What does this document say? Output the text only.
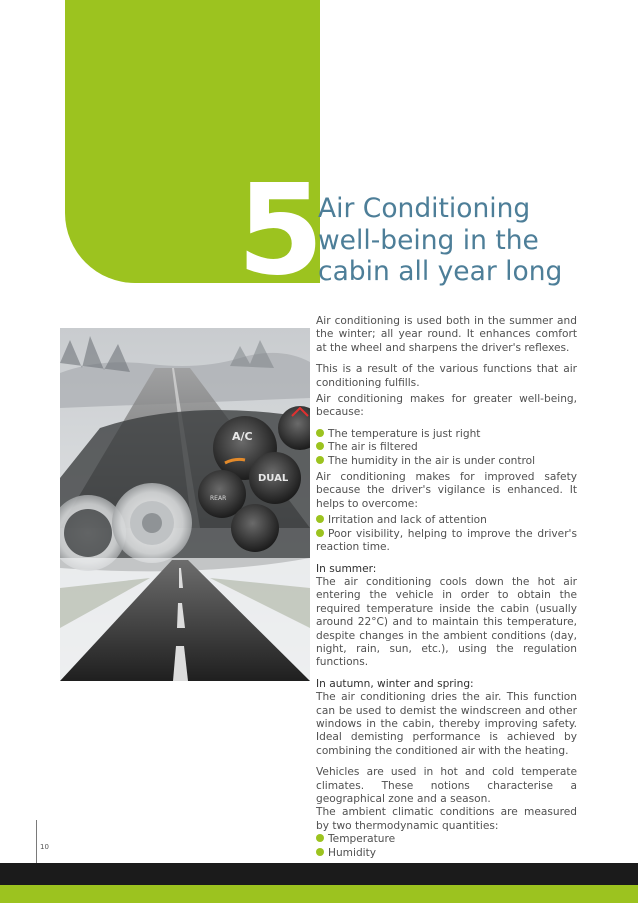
5
Air Conditioning
well-being in the
cabin all year long
A/C
DUAL
REAR

Air conditioning is used both in the summer and the winter; all year round. It enhances comfort at the wheel and sharpens the driver's reflexes.

This is a result of the various functions that air conditioning fulfills.

Air conditioning makes for greater well-being, because:

The temperature is just right
The air is filtered
The humidity in the air is under control

Air conditioning makes for improved safety because the driver's vigilance is enhanced. It helps to overcome:

Irritation and lack of attention

Poor visibility, helping to improve the driver's reaction time.

In summer:

The air conditioning cools down the hot air entering the vehicle in order to obtain the required temperature inside the cabin (usually around 22°C) and to maintain this temperature, despite changes in the ambient conditions (day, night, rain, sun, etc.), using the regulation functions.

In autumn, winter and spring:

The air conditioning dries the air. This function can be used to demist the windscreen and other windows in the cabin, thereby improving safety. Ideal demisting performance is achieved by combining the conditioned air with the heating.

Vehicles are used in hot and cold temperate climates. These notions characterise a geographical zone and a season.

The ambient climatic conditions are measured by two thermodynamic quantities:

Temperature
Humidity
10
